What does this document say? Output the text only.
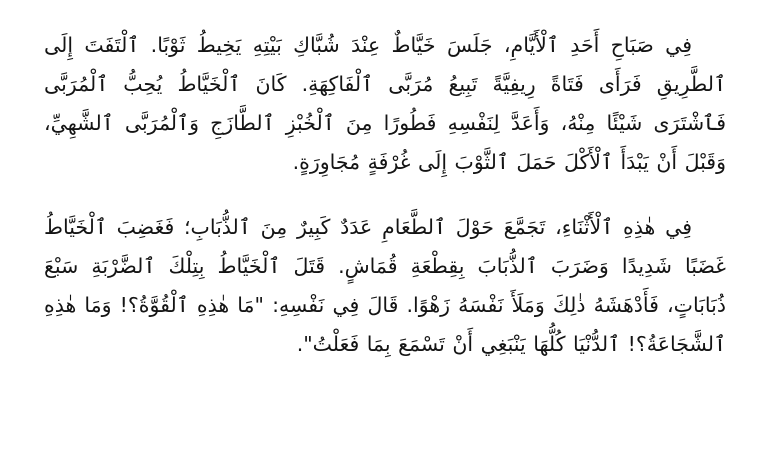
فِي صَبَاحِ أَحَدِ ٱلْأَيَّامِ، جَلَسَ خَيَّاطٌ عِنْدَ شُبَّاكِ بَيْتِهِ يَخِيطُ ثَوْبًا. ٱلْتَفَتَ إِلَى ٱلطَّرِيقِ فَرَأَى فَتَاةً رِيفِيَّةً تَبِيعُ مُرَبَّى ٱلْفَاكِهَةِ. كَانَ ٱلْخَيَّاطُ يُحِبُّ ٱلْمُرَبَّى فَٱشْتَرَى شَيْئًا مِنْهُ، وَأَعَدَّ لِنَفْسِهِ فَطُورًا مِنَ ٱلْخُبْزِ ٱلطَّازَجِ وَٱلْمُرَبَّى ٱلشَّهِيِّ، وَقَبْلَ أَنْ يَبْدَأَ ٱلْأَكْلَ حَمَلَ ٱلثَّوْبَ إِلَى غُرْفَةٍ مُجَاوِرَةٍ.

فِي هٰذِهِ ٱلْأَثْنَاءِ، تَجَمَّعَ حَوْلَ ٱلطَّعَامِ عَدَدٌ كَبِيرٌ مِنَ ٱلذُّبَابِ؛ فَغَضِبَ ٱلْخَيَّاطُ غَضَبًا شَدِيدًا وَضَرَبَ ٱلذُّبَابَ بِقِطْعَةِ قُمَاشٍ. قَتَلَ ٱلْخَيَّاطُ بِتِلْكَ ٱلضَّرْبَةِ سَبْعَ ذُبَابَاتٍ، فَأَدْهَشَهُ ذٰلِكَ وَمَلَأَ نَفْسَهُ زَهْوًا. قَالَ فِي نَفْسِهِ: "مَا هٰذِهِ ٱلْقُوَّةُ؟! وَمَا هٰذِهِ ٱلشَّجَاعَةُ؟! ٱلدُّنْيَا كُلُّهَا يَنْبَغِي أَنْ تَسْمَعَ بِمَا فَعَلْتُ".
